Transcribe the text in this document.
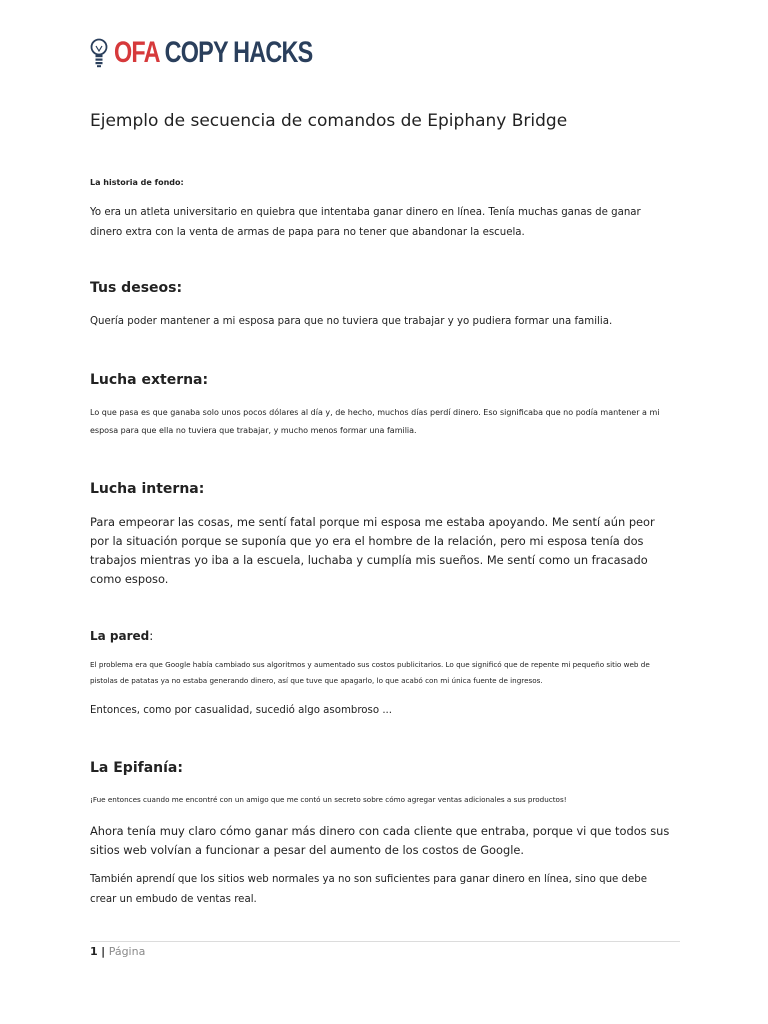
OFA COPY HACKS
Ejemplo de secuencia de comandos de Epiphany Bridge
La historia de fondo:

Yo era un atleta universitario en quiebra que intentaba ganar dinero en línea. Tenía muchas ganas de ganar dinero extra con la venta de armas de papa para no tener que abandonar la escuela.

Tus deseos:

Quería poder mantener a mi esposa para que no tuviera que trabajar y yo pudiera formar una familia.

Lucha externa:

Lo que pasa es que ganaba solo unos pocos dólares al día y, de hecho, muchos días perdí dinero. Eso significaba que no podía mantener a mi esposa para que ella no tuviera que trabajar, y mucho menos formar una familia.

Lucha interna:

Para empeorar las cosas, me sentí fatal porque mi esposa me estaba apoyando. Me sentí aún peor por la situación porque se suponía que yo era el hombre de la relación, pero mi esposa tenía dos trabajos mientras yo iba a la escuela, luchaba y cumplía mis sueños. Me sentí como un fracasado como esposo.

La pared:

El problema era que Google había cambiado sus algoritmos y aumentado sus costos publicitarios. Lo que significó que de repente mi pequeño sitio web de pistolas de patatas ya no estaba generando dinero, así que tuve que apagarlo, lo que acabó con mi única fuente de ingresos.

Entonces, como por casualidad, sucedió algo asombroso ...

La Epifanía:

¡Fue entonces cuando me encontré con un amigo que me contó un secreto sobre cómo agregar ventas adicionales a sus productos!

Ahora tenía muy claro cómo ganar más dinero con cada cliente que entraba, porque vi que todos sus sitios web volvían a funcionar a pesar del aumento de los costos de Google.

También aprendí que los sitios web normales ya no son suficientes para ganar dinero en línea, sino que debe crear un embudo de ventas real.

1 | Página
